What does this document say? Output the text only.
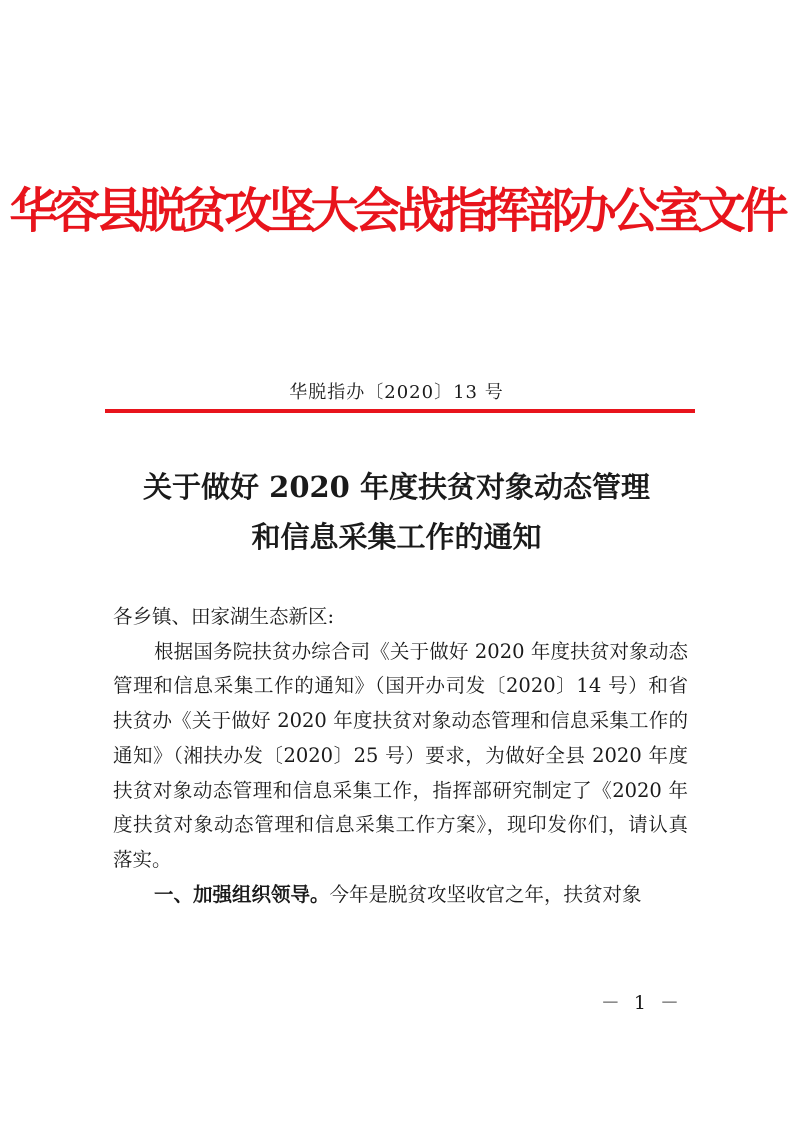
华容县脱贫攻坚大会战指挥部办公室文件
华脱指办〔2020〕13 号
关于做好 2020 年度扶贫对象动态管理
和信息采集工作的通知

各乡镇、田家湖生态新区:

根据国务院扶贫办综合司《关于做好 2020 年度扶贫对象动态管理和信息采集工作的通知》（国开办司发〔2020〕14 号）和省扶贫办《关于做好 2020 年度扶贫对象动态管理和信息采集工作的通知》（湘扶办发〔2020〕25 号）要求，为做好全县 2020 年度扶贫对象动态管理和信息采集工作，指挥部研究制定了《2020 年度扶贫对象动态管理和信息采集工作方案》，现印发你们，请认真落实。

一、加强组织领导。今年是脱贫攻坚收官之年，扶贫对象

－ 1 －
